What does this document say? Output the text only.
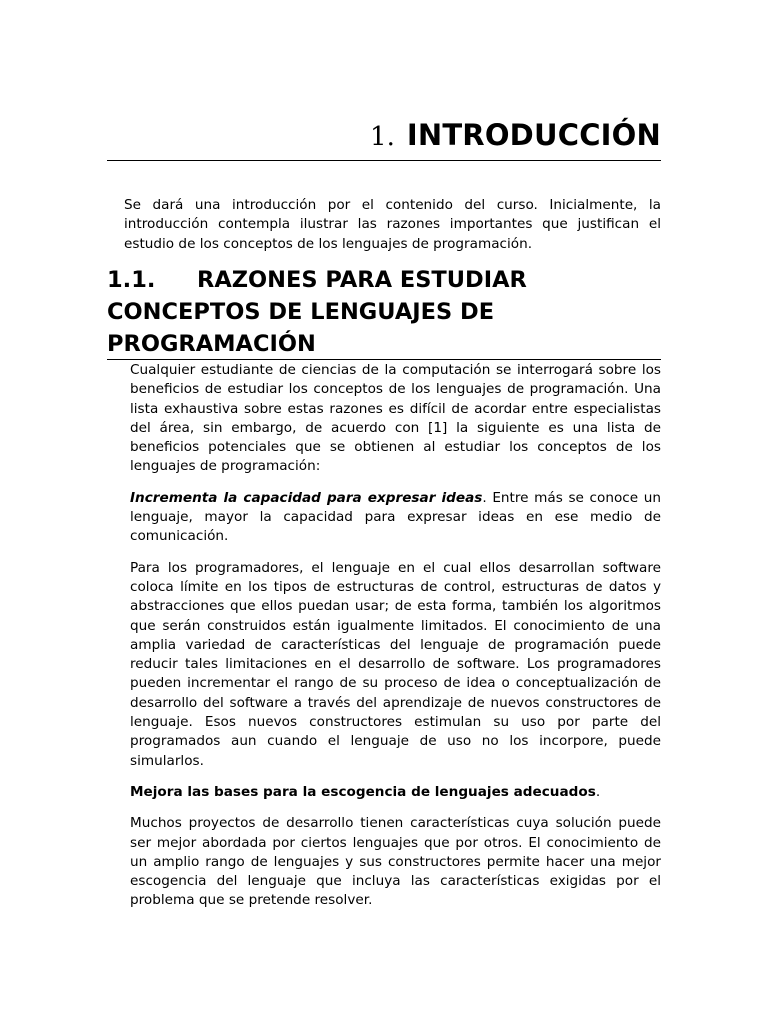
1. INTRODUCCIÓN

Se dará una introducción por el contenido del curso. Inicialmente, la introducción contempla ilustrar las razones importantes que justifican el estudio de los conceptos de los lenguajes de programación.

1.1. RAZONES PARA ESTUDIAR CONCEPTOS DE LENGUAJES DE PROGRAMACIÓN

Cualquier estudiante de ciencias de la computación se interrogará sobre los beneficios de estudiar los conceptos de los lenguajes de programación. Una lista exhaustiva sobre estas razones es difícil de acordar entre especialistas del área, sin embargo, de acuerdo con [1] la siguiente es una lista de beneficios potenciales que se obtienen al estudiar los conceptos de los lenguajes de programación:

Incrementa la capacidad para expresar ideas. Entre más se conoce un lenguaje, mayor la capacidad para expresar ideas en ese medio de comunicación.

Para los programadores, el lenguaje en el cual ellos desarrollan software coloca límite en los tipos de estructuras de control, estructuras de datos y abstracciones que ellos puedan usar; de esta forma, también los algoritmos que serán construidos están igualmente limitados. El conocimiento de una amplia variedad de características del lenguaje de programación puede reducir tales limitaciones en el desarrollo de software. Los programadores pueden incrementar el rango de su proceso de idea o conceptualización de desarrollo del software a través del aprendizaje de nuevos constructores de lenguaje. Esos nuevos constructores estimulan su uso por parte del programados aun cuando el lenguaje de uso no los incorpore, puede simularlos.

Mejora las bases para la escogencia de lenguajes adecuados.

Muchos proyectos de desarrollo tienen características cuya solución puede ser mejor abordada por ciertos lenguajes que por otros. El conocimiento de un amplio rango de lenguajes y sus constructores permite hacer una mejor escogencia del lenguaje que incluya las características exigidas por el problema que se pretende resolver.
